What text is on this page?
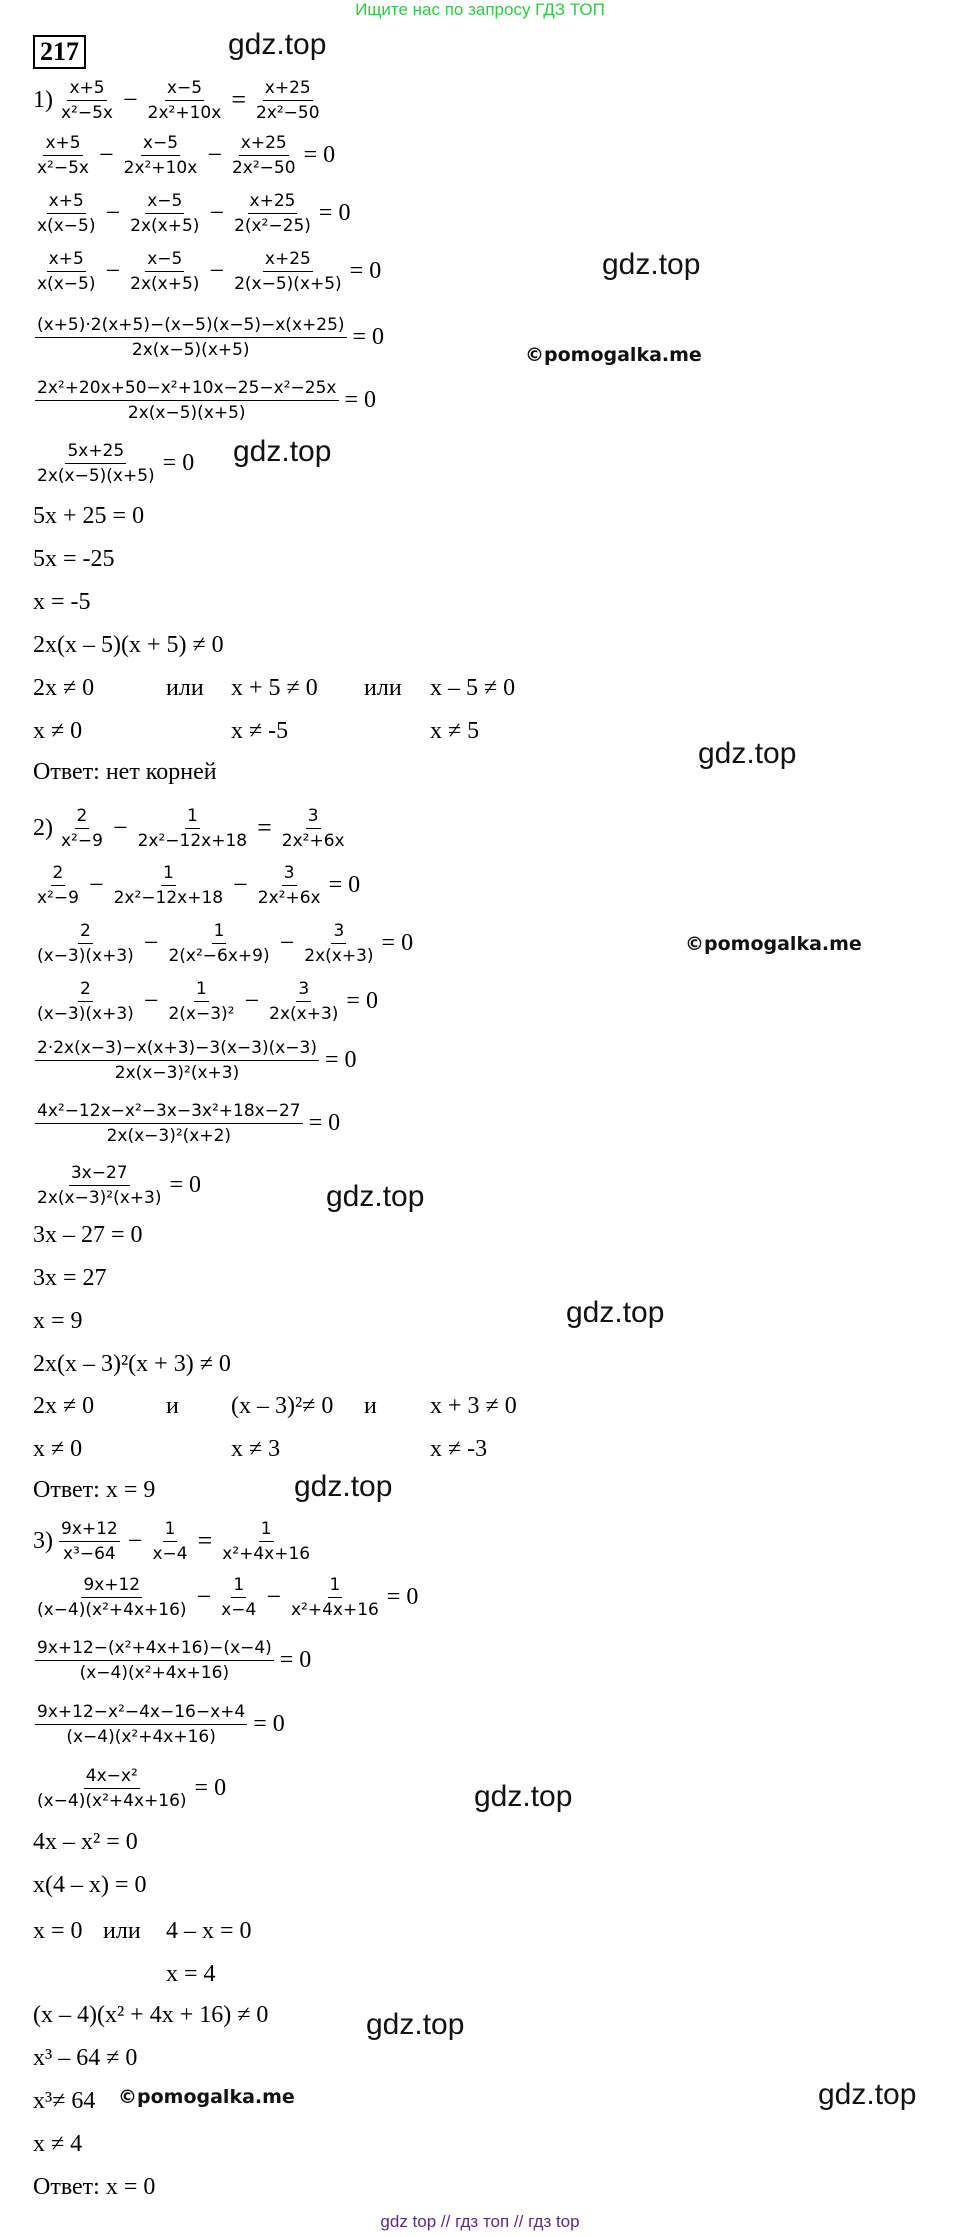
Ищите нас по запросу ГДЗ ТОП
217	gdz.top
gdz.top
©pomogalka.me
gdz.top
gdz.top
©pomogalka.me
gdz.top
gdz.top
gdz.top
gdz.top
gdz.top
©pomogalka.me	gdz.top
1) x+5
$x^2-5x - \frac{x-5}{\text{2x²+10x}} = \frac{x+25}{\text{2x²−50}}$
x+5
$x^2-5x - \frac{x-5}{\text{2x²+10x}} - \frac{x+25}{\text{2x²−50}} = 0$
x+5
$x(x-5) - \frac{x-5}{2x(x+5)} - \frac{x+25}{\text{2(x²−25)}} = 0$
x+5
$x(x-5) - \frac{x-5}{2x(x+5)} - \frac{x+25}{2(x-5)(x+5)} = 0$
$\frac{(x+5)\cdot 2(x+5)-(x-5)(x-5)-x(x+25)}{2x(x-5)(x+5)} = 0$
$\frac{\text{2x²+20x+50−x²+10x−25−x²−25x}}{2x(x-5)(x+5)} = 0$
$\frac{5x+25}{2x(x-5)(x+5)} = 0$
5x + 25 = 0
5x = -25
x = -5
2x(x – 5)(x + 5) ≠ 0
2x ≠ 0	или x + 5 ≠ 0 или x – 5 ≠ 0
x ≠ 0	x ≠ -5	x ≠ 5
Ответ: нет корней
2) 2
$x^2-9 - \frac{1}{\text{2x²−12x+18}} = \frac{3}{\text{2x²+6x}}$
2
$x^2-9 - \frac{1}{\text{2x²−12x+18}} - \frac{3}{\text{2x²+6x}} = 0$
2
$(x-3)(x+3) - \frac{1}{\text{2(x²−6x+9)}} - \frac{3}{2x(x+3)} = 0$
2
$(x-3)(x+3) - \frac{1}{\text{2(x−3)²}} - \frac{3}{2x(x+3)} = 0$
$\frac{2\cdot 2x(x-3)-x(x+3)-3(x-3)(x-3)}{\text{2x(x−3)²(x+3)}} = 0$
$\frac{\text{4x²−12x−x²−3x−3x²+18x−27}}{\text{2x(x−3)²(x+2)}} = 0$
$\frac{3x-27}{\text{2x(x−3)²(x+3)}} = 0$
3x – 27 = 0
3x = 27
x = 9
2x(x – 3)²(x + 3) ≠ 0
2x ≠ 0	и (x – 3)²≠ 0 и x + 3 ≠ 0
x ≠ 0	x ≠ 3	x ≠ -3
Ответ: x = 9
3) 9x+12
$x^3-64 - \frac{1}{x-4} = \frac{1}{\text{x²+4x+16}}$
9x+12
$(x-4)(x^2+4x+16) - \frac{1}{x-4} - \frac{1}{\text{x²+4x+16}} = 0$
$\frac{\text{9x+12−(x²+4x+16)−(x−4)}}{\text{(x−4)(x²+4x+16)}} = 0$
$\frac{\text{9x+12−x²−4x−16−x+4}}{\text{(x−4)(x²+4x+16)}} = 0$
$\frac{\text{4x−x²}}{\text{(x−4)(x²+4x+16)}} = 0$
4x – x² = 0
x(4 – x) = 0
x = 0 или 4 – x = 0
x = 4
(x – 4)(x² + 4x + 16) ≠ 0
x³ – 64 ≠ 0
x³≠ 64
x ≠ 4
Ответ: x = 0
gdz top // гдз топ // гдз top
